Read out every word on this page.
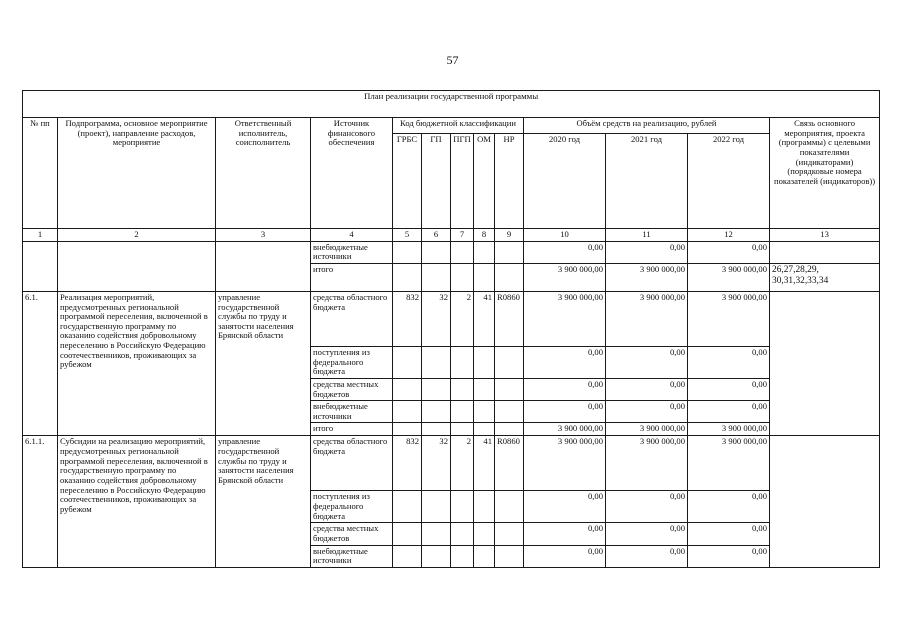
57
План реализации государственной программы												
№ пп	Подпрограмма, основное мероприятие (проект), направление расходов, мероприятие	Ответственный исполнитель, соисполнитель	Источник финансового обеспечения	Код бюджетной классификации					Объём средств на реализацию, рублей			Связь основного мероприятия, проекта (программы) с целевыми показателями (индикаторами) (порядковые номера показателей (индикаторов))
				ГРБС	ГП	ПГП	ОМ	НР	2020 год	2021 год	2022 год	
1	2	3	4	5	6	7	8	9	10	11	12	13
			внебюджетные источники						0,00	0,00	0,00	
			итого						3 900 000,00	3 900 000,00	3 900 000,00	26,27,28,29, 30,31,32,33,34
6.1.	Реализация мероприятий, предусмотренных региональной программой переселения, включенной в государственную программу по оказанию содействия добровольному переселению в Российскую Федерацию соотечественников, проживающих за рубежом	управление государственной службы по труду и занятости населения Брянской области	средства областного бюджета	832	32	2	41	R0860	3 900 000,00	3 900 000,00	3 900 000,00	
			поступления из федерального бюджета						0,00	0,00	0,00	
			средства местных бюджетов						0,00	0,00	0,00	
			внебюджетные источники						0,00	0,00	0,00	
			итого						3 900 000,00	3 900 000,00	3 900 000,00	
6.1.1.	Субсидии на реализацию мероприятий, предусмотренных региональной программой переселения, включенной в государственную программу по оказанию содействия добровольному переселению в Российскую Федерацию соотечественников, проживающих за рубежом	управление государственной службы по труду и занятости населения Брянской области	средства областного бюджета	832	32	2	41	R0860	3 900 000,00	3 900 000,00	3 900 000,00	
			поступления из федерального бюджета						0,00	0,00	0,00	
			средства местных бюджетов						0,00	0,00	0,00	
			внебюджетные источники						0,00	0,00	0,00	
